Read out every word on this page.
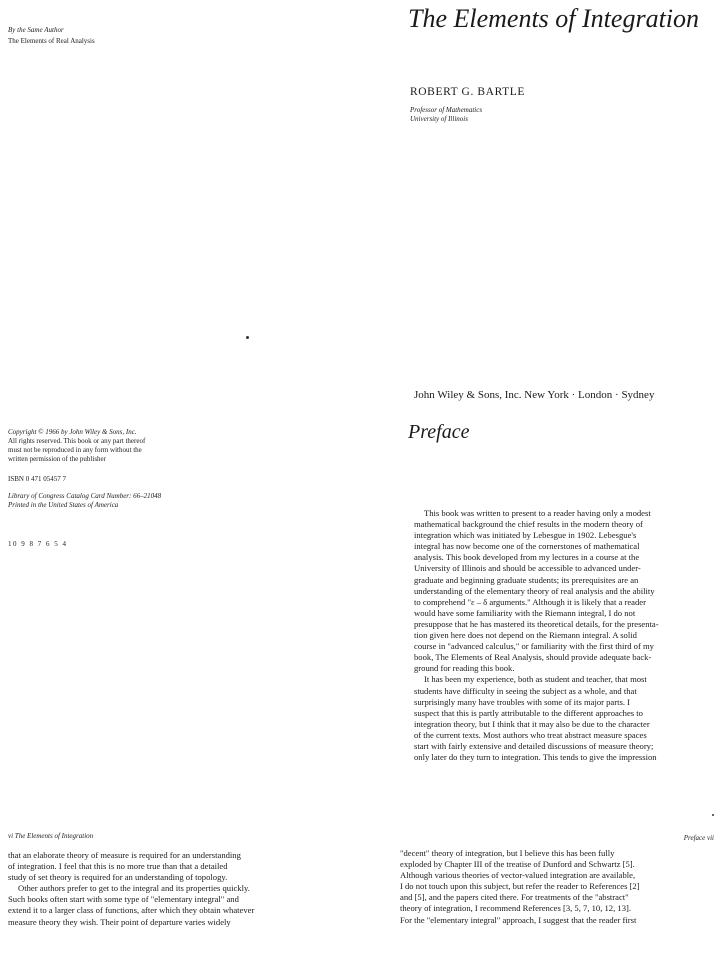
By the Same Author

The Elements of Real Analysis

The Elements of Integration

ROBERT G. BARTLE

Professor of Mathematics

University of Illinois

John Wiley & Sons, Inc. New York · London · Sydney

Copyright © 1966 by John Wiley & Sons, Inc.
All rights reserved. This book or any part thereof
must not be reproduced in any form without the
written permission of the publisher
ISBN 0 471 05457 7
Library of Congress Catalog Card Number: 66–21048
Printed in the United States of America
10 9 8 7 6 5 4

Preface

This book was written to present to a reader having only a modest
mathematical background the chief results in the modern theory of
integration which was initiated by Lebesgue in 1902. Lebesgue's
integral has now become one of the cornerstones of mathematical
analysis. This book developed from my lectures in a course at the
University of Illinois and should be accessible to advanced under-
graduate and beginning graduate students; its prerequisites are an
understanding of the elementary theory of real analysis and the ability
to comprehend "ε – δ arguments." Although it is likely that a reader
would have some familiarity with the Riemann integral, I do not
presuppose that he has mastered its theoretical details, for the presenta-
tion given here does not depend on the Riemann integral. A solid
course in "advanced calculus," or familiarity with the first third of my
book, The Elements of Real Analysis, should provide adequate back-
ground for reading this book.
It has been my experience, both as student and teacher, that most
students have difficulty in seeing the subject as a whole, and that
surprisingly many have troubles with some of its major parts. I
suspect that this is partly attributable to the different approaches to
integration theory, but I think that it may also be due to the character
of the current texts. Most authors who treat abstract measure spaces
start with fairly extensive and detailed discussions of measure theory;
only later do they turn to integration. This tends to give the impression

vi The Elements of Integration

that an elaborate theory of measure is required for an understanding
of integration. I feel that this is no more true than that a detailed
study of set theory is required for an understanding of topology.
Other authors prefer to get to the integral and its properties quickly.
Such books often start with some type of "elementary integral" and
extend it to a larger class of functions, after which they obtain whatever
measure theory they wish. Their point of departure varies widely

Preface vii

"decent" theory of integration, but I believe this has been fully
exploded by Chapter III of the treatise of Dunford and Schwartz [5].
Although various theories of vector-valued integration are available,
I do not touch upon this subject, but refer the reader to References [2]
and [5], and the papers cited there. For treatments of the "abstract"
theory of integration, I recommend References [3, 5, 7, 10, 12, 13].
For the "elementary integral" approach, I suggest that the reader first
